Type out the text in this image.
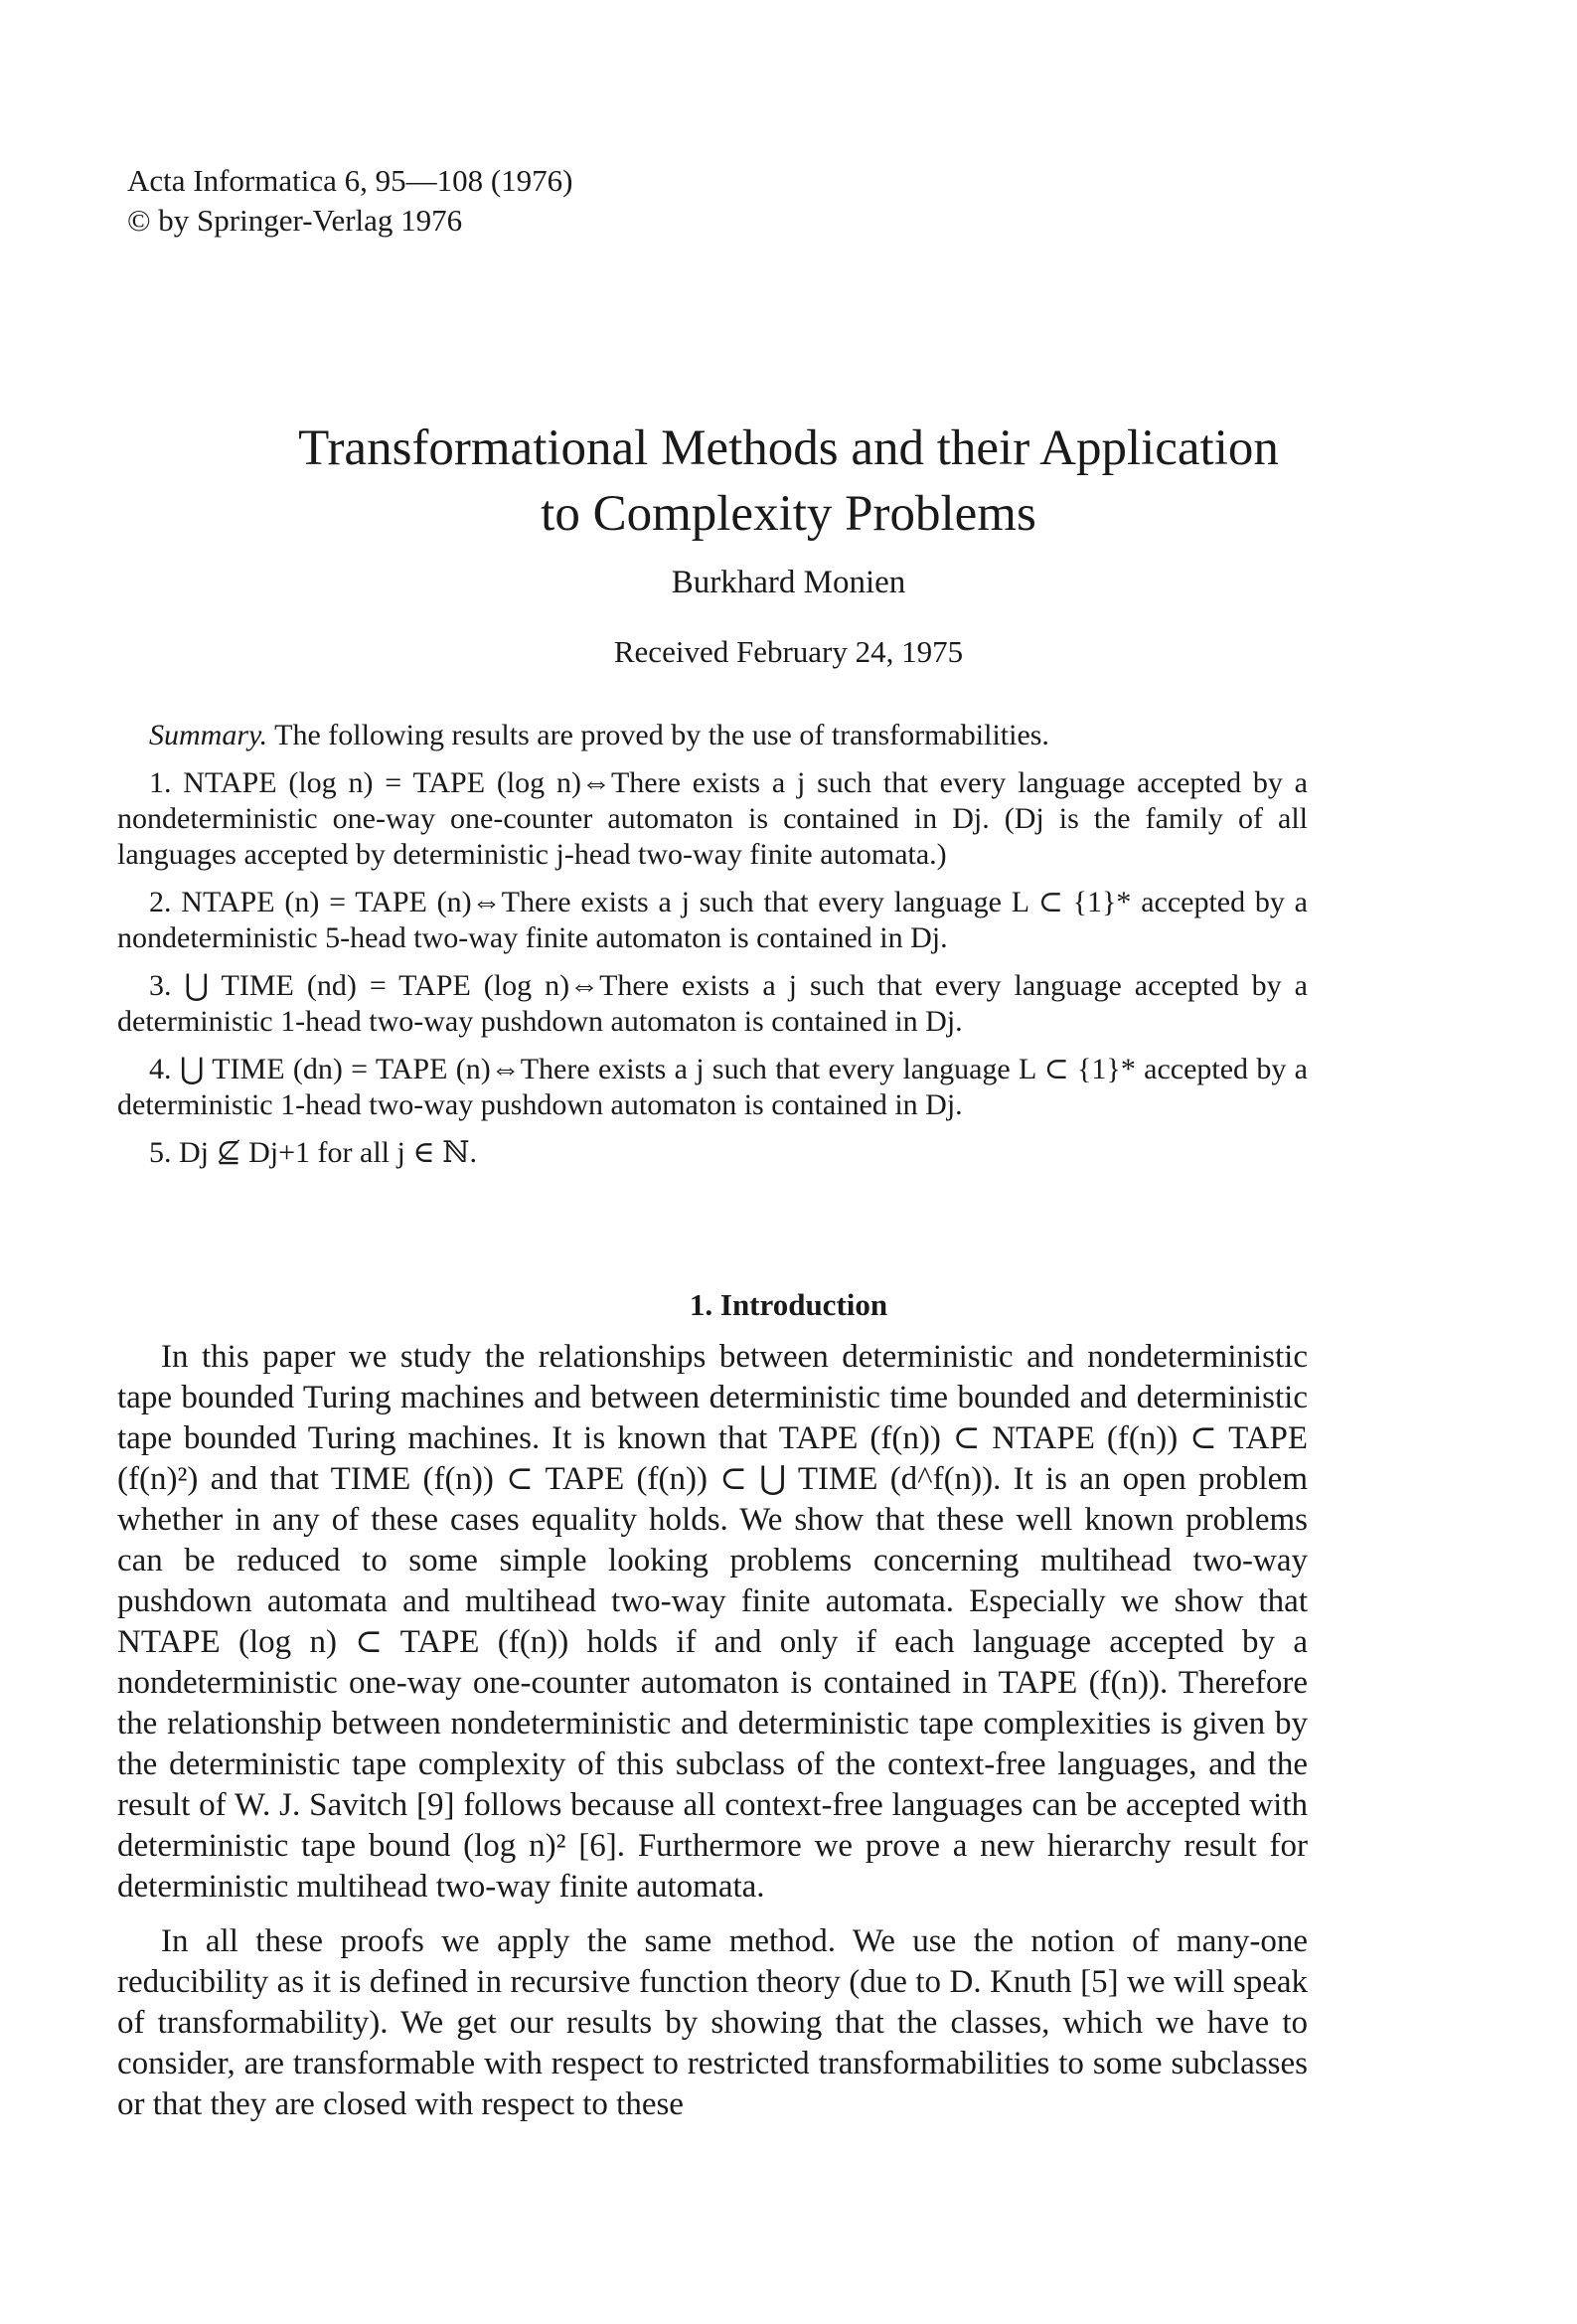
Acta Informatica 6, 95—108 (1976)
© by Springer-Verlag 1976
Transformational Methods and their Application
to Complexity Problems
Burkhard Monien
Received February 24, 1975

Summary. The following results are proved by the use of transformabilities.

1. NTAPE (log n) = TAPE (log n)⇔There exists a j such that every language accepted by a nondeterministic one-way one-counter automaton is contained in Dj. (Dj is the family of all languages accepted by deterministic j-head two-way finite automata.)

2. NTAPE (n) = TAPE (n)⇔There exists a j such that every language L ⊂ {1}* accepted by a nondeterministic 5-head two-way finite automaton is contained in Dj.

3. ⋃ TIME (nd) = TAPE (log n)⇔There exists a j such that every language accepted by a deterministic 1-head two-way pushdown automaton is contained in Dj.

4. ⋃ TIME (dn) = TAPE (n)⇔There exists a j such that every language L ⊂ {1}* accepted by a deterministic 1-head two-way pushdown automaton is contained in Dj.

5. Dj ⊈ Dj+1 for all j ∈ ℕ.

1. Introduction

In this paper we study the relationships between deterministic and nondeterministic tape bounded Turing machines and between deterministic time bounded and deterministic tape bounded Turing machines. It is known that TAPE (f(n)) ⊂ NTAPE (f(n)) ⊂ TAPE (f(n)²) and that TIME (f(n)) ⊂ TAPE (f(n)) ⊂ ⋃ TIME (d^f(n)). It is an open problem whether in any of these cases equality holds. We show that these well known problems can be reduced to some simple looking problems concerning multihead two-way pushdown automata and multihead two-way finite automata. Especially we show that NTAPE (log n) ⊂ TAPE (f(n)) holds if and only if each language accepted by a nondeterministic one-way one-counter automaton is contained in TAPE (f(n)). Therefore the relationship between nondeterministic and deterministic tape complexities is given by the deterministic tape complexity of this subclass of the context-free languages, and the result of W. J. Savitch [9] follows because all context-free languages can be accepted with deterministic tape bound (log n)² [6]. Furthermore we prove a new hierarchy result for deterministic multihead two-way finite automata.

In all these proofs we apply the same method. We use the notion of many-one reducibility as it is defined in recursive function theory (due to D. Knuth [5] we will speak of transformability). We get our results by showing that the classes, which we have to consider, are transformable with respect to restricted transformabilities to some subclasses or that they are closed with respect to these
